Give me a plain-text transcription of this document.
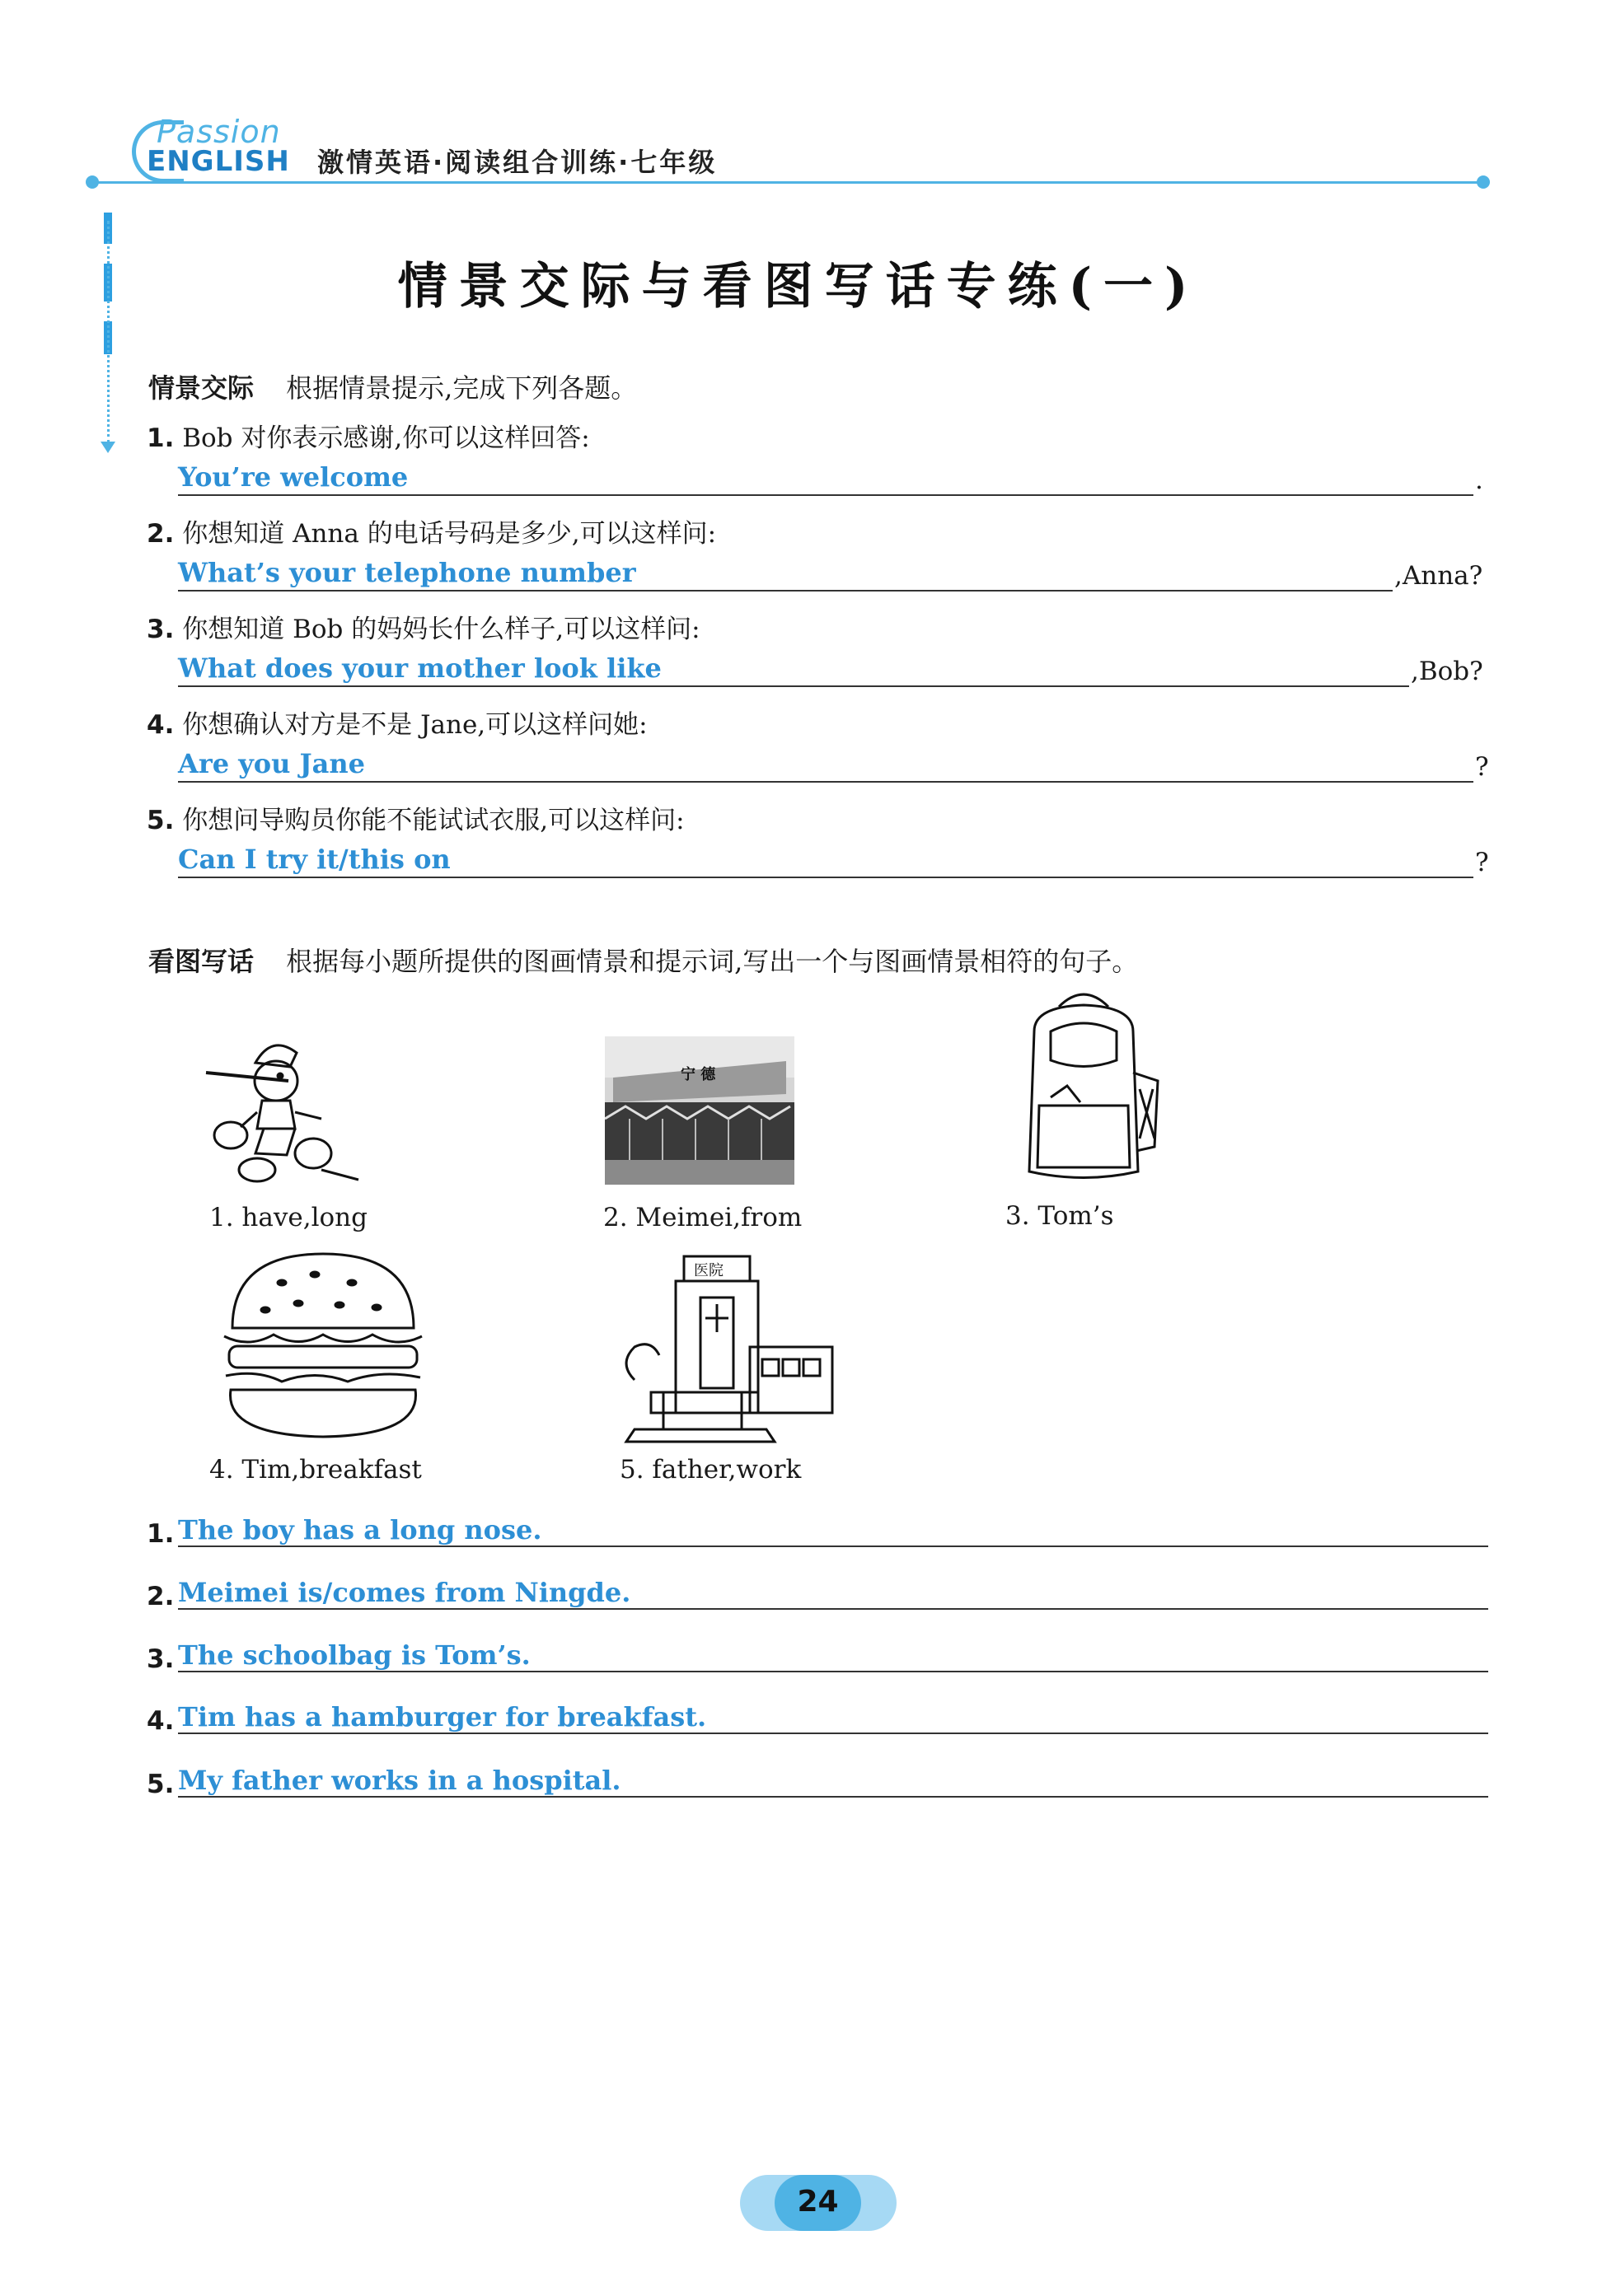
Passion
ENGLISH 激情英语·阅读组合训练·七年级
情景交际与看图写话专练(一)
情景交际 根据情景提示,完成下列各题。
1. Bob 对你表示感谢,你可以这样回答:
You’re welcome	.
2. 你想知道 Anna 的电话号码是多少,可以这样问:
What’s your telephone number	,Anna?
3. 你想知道 Bob 的妈妈长什么样子,可以这样问:
What does your mother look like	,Bob?
4. 你想确认对方是不是 Jane,可以这样问她:
Are you Jane	?
5. 你想问导购员你能不能试试衣服,可以这样问:
Can I try it/this on	?
看图写话 根据每小题所提供的图画情景和提示词,写出一个与图画情景相符的句子。
1. have,long
宁 德
2. Meimei,from	3. Tom’s
4. Tim,breakfast
医院
5. father,work
1. The boy has a long nose.
2. Meimei is/comes from Ningde.
3. The schoolbag is Tom’s.
4. Tim has a hamburger for breakfast.
5. My father works in a hospital.
24
